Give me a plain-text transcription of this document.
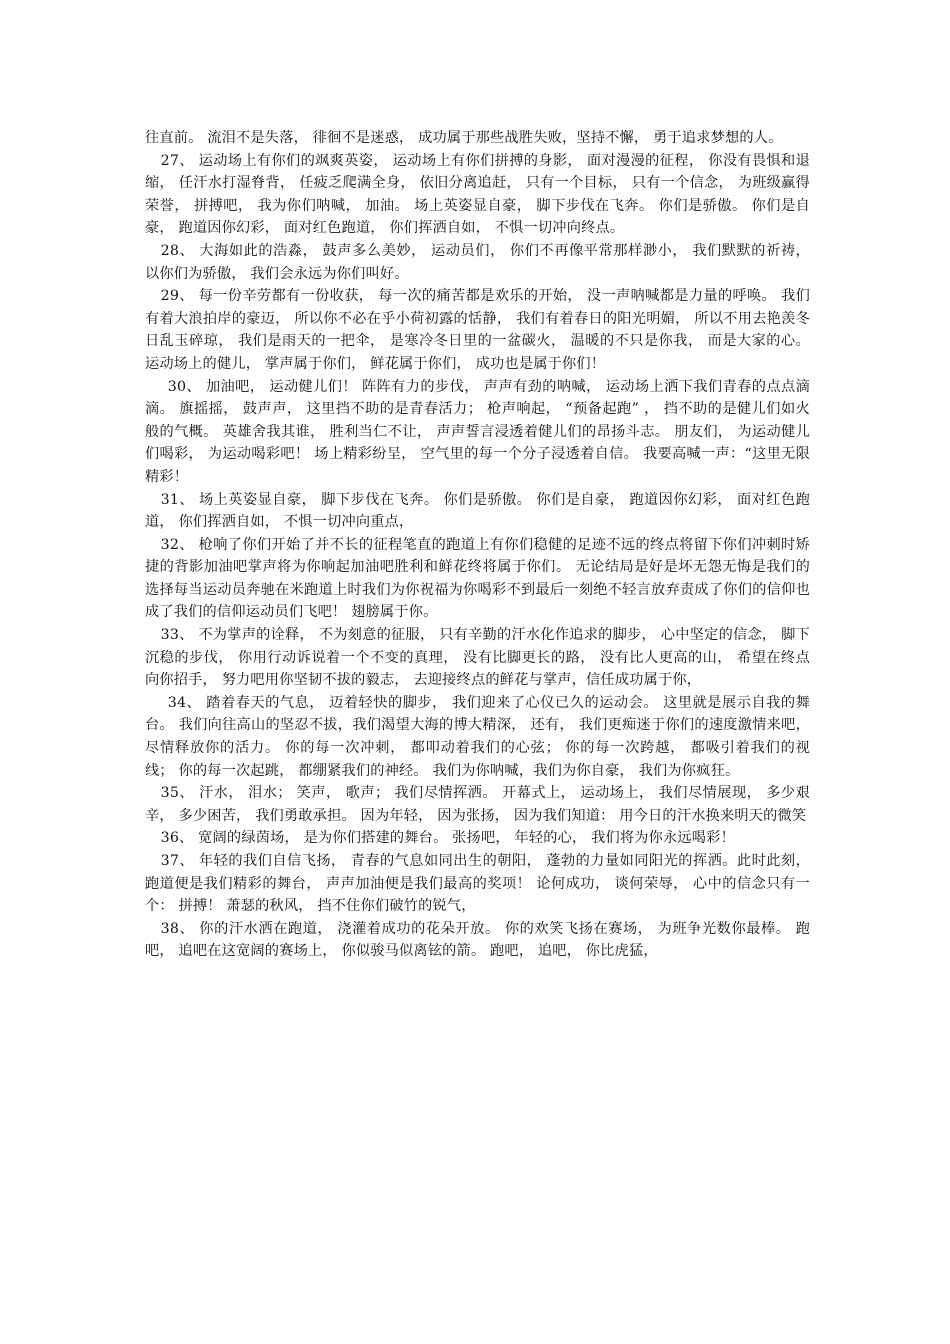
往直前。 流泪不是失落， 徘徊不是迷惑， 成功属于那些战胜失败，坚持不懈， 勇于追求梦想的人。

27、 运动场上有你们的飒爽英姿， 运动场上有你们拼搏的身影， 面对漫漫的征程， 你没有畏惧和退缩， 任汗水打湿脊背， 任疲乏爬满全身， 依旧分离追赶， 只有一个目标， 只有一个信念， 为班级赢得荣誉， 拼搏吧， 我为你们呐喊， 加油。 场上英姿显自豪， 脚下步伐在飞奔。 你们是骄傲。 你们是自豪， 跑道因你幻彩， 面对红色跑道， 你们挥洒自如， 不惧一切冲向终点。

28、 大海如此的浩淼， 鼓声多么美妙， 运动员们， 你们不再像平常那样渺小， 我们默默的祈祷， 以你们为骄傲， 我们会永远为你们叫好。

29、 每一份辛劳都有一份收获， 每一次的痛苦都是欢乐的开始， 没一声呐喊都是力量的呼唤。 我们有着大浪拍岸的豪迈， 所以你不必在乎小荷初露的恬静， 我们有着春日的阳光明媚， 所以不用去艳羡冬日乱玉碎琼， 我们是雨天的一把伞， 是寒冷冬日里的一盆碳火， 温暖的不只是你我， 而是大家的心。 运动场上的健儿， 掌声属于你们， 鲜花属于你们， 成功也是属于你们！

30、 加油吧， 运动健儿们！ 阵阵有力的步伐， 声声有劲的呐喊， 运动场上洒下我们青春的点点滴滴。 旗摇摇， 鼓声声， 这里挡不助的是青春活力； 枪声响起， “预备起跑” ， 挡不助的是健儿们如火般的气概。 英雄舍我其谁， 胜利当仁不让， 声声誓言浸透着健儿们的昂扬斗志。 朋友们， 为运动健儿们喝彩， 为运动喝彩吧！ 场上精彩纷呈， 空气里的每一个分子浸透着自信。 我要高喊一声：“这里无限精彩！

31、 场上英姿显自豪， 脚下步伐在飞奔。 你们是骄傲。 你们是自豪， 跑道因你幻彩， 面对红色跑道， 你们挥洒自如， 不惧一切冲向重点，

32、 枪响了你们开始了并不长的征程笔直的跑道上有你们稳健的足迹不远的终点将留下你们冲刺时矫捷的背影加油吧掌声将为你响起加油吧胜利和鲜花终将属于你们。 无论结局是好是坏无怨无悔是我们的选择每当运动员奔驰在米跑道上时我们为你祝福为你喝彩不到最后一刻绝不轻言放弃责成了你们的信仰也成了我们的信仰运动员们飞吧！ 翅膀属于你。

33、 不为掌声的诠释， 不为刻意的征服， 只有辛勤的汗水化作追求的脚步， 心中坚定的信念， 脚下沉稳的步伐， 你用行动诉说着一个不变的真理， 没有比脚更长的路， 没有比人更高的山， 希望在终点向你招手， 努力吧用你坚韧不拔的毅志， 去迎接终点的鲜花与掌声，信任成功属于你，

34、 踏着春天的气息， 迈着轻快的脚步， 我们迎来了心仪已久的运动会。 这里就是展示自我的舞台。 我们向往高山的坚忍不拔，我们渴望大海的博大精深， 还有， 我们更痴迷于你们的速度激情来吧， 尽情释放你的活力。 你的每一次冲刺， 都叩动着我们的心弦； 你的每一次跨越， 都吸引着我们的视线； 你的每一次起跳， 都绷紧我们的神经。 我们为你呐喊，我们为你自豪， 我们为你疯狂。

35、 汗水， 泪水； 笑声， 歌声； 我们尽情挥洒。 开幕式上， 运动场上， 我们尽情展现， 多少艰辛， 多少困苦， 我们勇敢承担。 因为年轻， 因为张扬， 因为我们知道： 用今日的汗水换来明天的微笑

36、 宽阔的绿茵场， 是为你们搭建的舞台。 张扬吧， 年轻的心， 我们将为你永远喝彩！

37、 年轻的我们自信飞扬， 青春的气息如同出生的朝阳， 蓬勃的力量如同阳光的挥洒。此时此刻， 跑道便是我们精彩的舞台， 声声加油便是我们最高的奖项！ 论何成功， 谈何荣辱， 心中的信念只有一个： 拼搏！ 萧瑟的秋风， 挡不住你们破竹的锐气，

38、 你的汗水洒在跑道， 浇灌着成功的花朵开放。 你的欢笑飞扬在赛场， 为班争光数你最棒。 跑吧， 追吧在这宽阔的赛场上， 你似骏马似离铉的箭。 跑吧， 追吧， 你比虎猛，
